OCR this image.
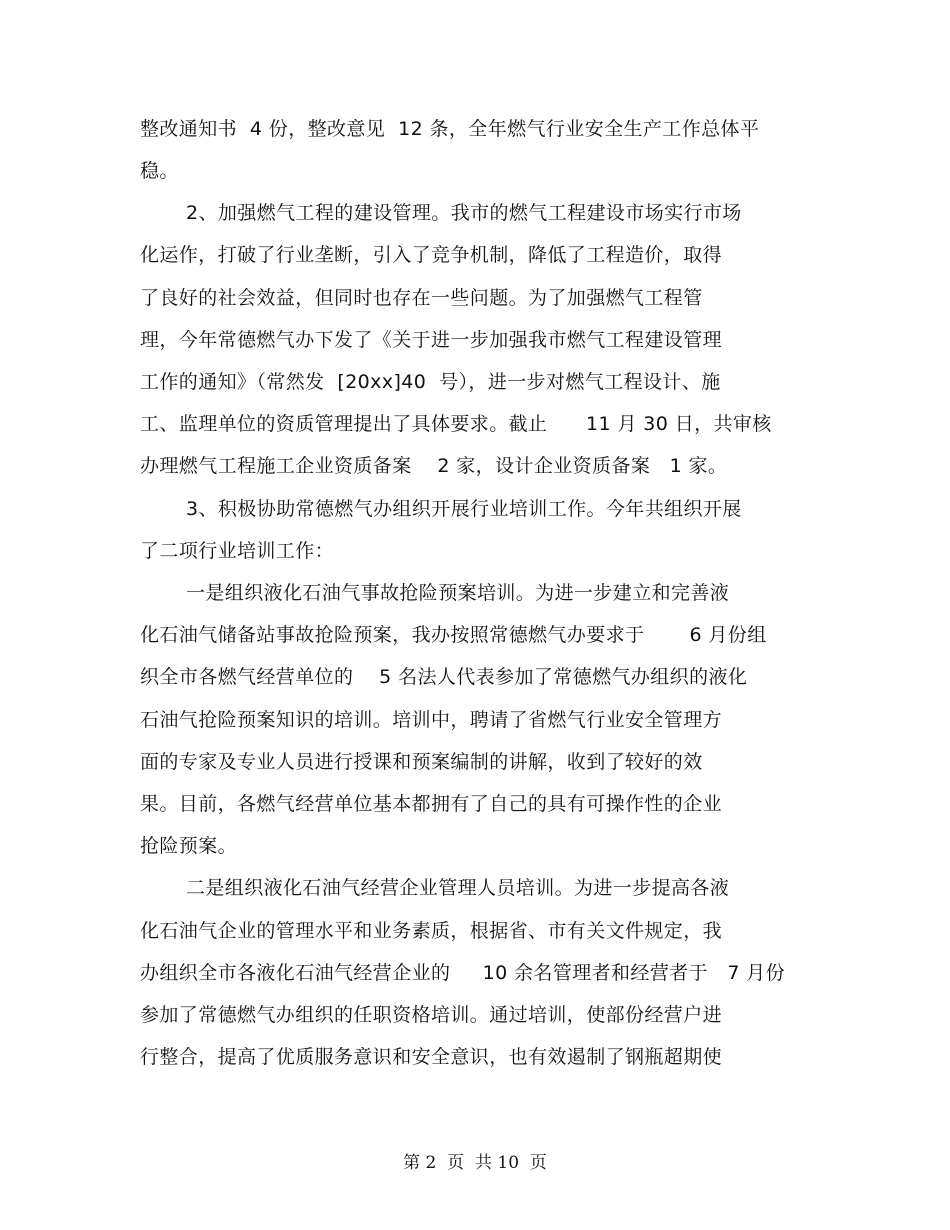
整改通知书  4 份，整改意见  12 条，全年燃气行业安全生产工作总体平
稳。
2、加强燃气工程的建设管理。我市的燃气工程建设市场实行市场
化运作，打破了行业垄断，引入了竞争机制，降低了工程造价，取得
了良好的社会效益，但同时也存在一些问题。为了加强燃气工程管
理，今年常德燃气办下发了《关于进一步加强我市燃气工程建设管理
工作的通知》（常然发  [20xx]40  号），进一步对燃气工程设计、施
工、监理单位的资质管理提出了具体要求。截止      11 月 30 日，共审核
办理燃气工程施工企业资质备案    2 家，设计企业资质备案   1 家。
3、积极协助常德燃气办组织开展行业培训工作。今年共组织开展
了二项行业培训工作：
一是组织液化石油气事故抢险预案培训。为进一步建立和完善液
化石油气储备站事故抢险预案，我办按照常德燃气办要求于       6 月份组
织全市各燃气经营单位的    5 名法人代表参加了常德燃气办组织的液化
石油气抢险预案知识的培训。培训中，聘请了省燃气行业安全管理方
面的专家及专业人员进行授课和预案编制的讲解，收到了较好的效
果。目前，各燃气经营单位基本都拥有了自己的具有可操作性的企业
抢险预案。
二是组织液化石油气经营企业管理人员培训。为进一步提高各液
化石油气企业的管理水平和业务素质，根据省、市有关文件规定，我
办组织全市各液化石油气经营企业的     10 余名管理者和经营者于   7 月份
参加了常德燃气办组织的任职资格培训。通过培训，使部份经营户进
行整合，提高了优质服务意识和安全意识，也有效遏制了钢瓶超期使
第 2  页  共 10  页
